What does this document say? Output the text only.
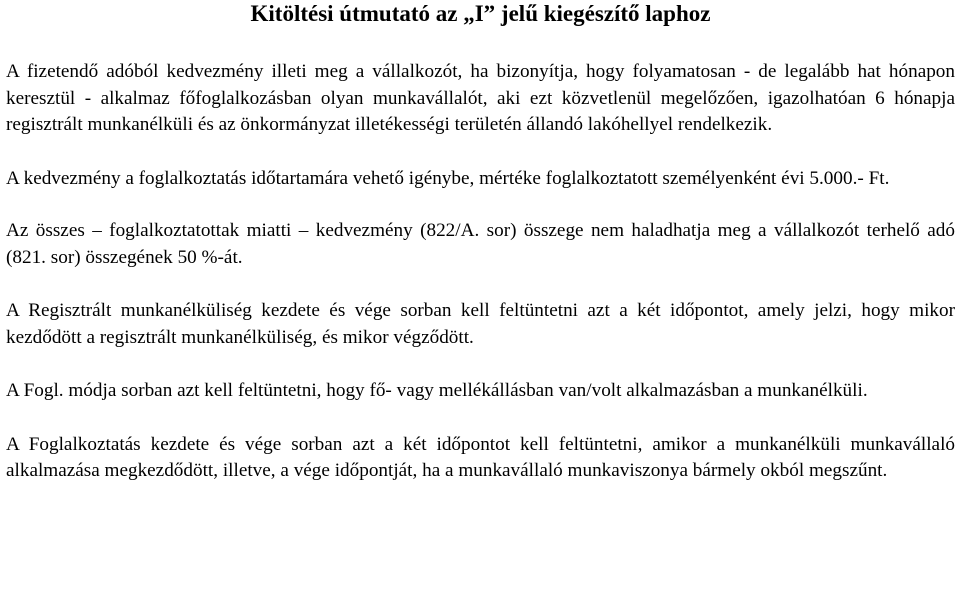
Kitöltési útmutató az „I” jelű kiegészítő laphoz

A fizetendő adóból kedvezmény illeti meg a vállalkozót, ha bizonyítja, hogy folyamatosan - de legalább hat hónapon keresztül - alkalmaz főfoglalkozásban olyan munkavállalót, aki ezt közvetlenül megelőzően, igazolhatóan 6 hónapja regisztrált munkanélküli és az önkormányzat illetékességi területén állandó lakóhellyel rendelkezik.

A kedvezmény a foglalkoztatás időtartamára vehető igénybe, mértéke foglalkoztatott személyenként évi 5.000.- Ft.

Az összes – foglalkoztatottak miatti – kedvezmény (822/A. sor) összege nem haladhatja meg a vállalkozót terhelő adó (821. sor) összegének 50 %-át.

A Regisztrált munkanélküliség kezdete és vége sorban kell feltüntetni azt a két időpontot, amely jelzi, hogy mikor kezdődött a regisztrált munkanélküliség, és mikor végződött.

A Fogl. módja sorban azt kell feltüntetni, hogy fő- vagy mellékállásban van/volt alkalmazásban a munkanélküli.

A Foglalkoztatás kezdete és vége sorban azt a két időpontot kell feltüntetni, amikor a munkanélküli munkavállaló alkalmazása megkezdődött, illetve, a vége időpontját, ha a munkavállaló munkaviszonya bármely okból megszűnt.
